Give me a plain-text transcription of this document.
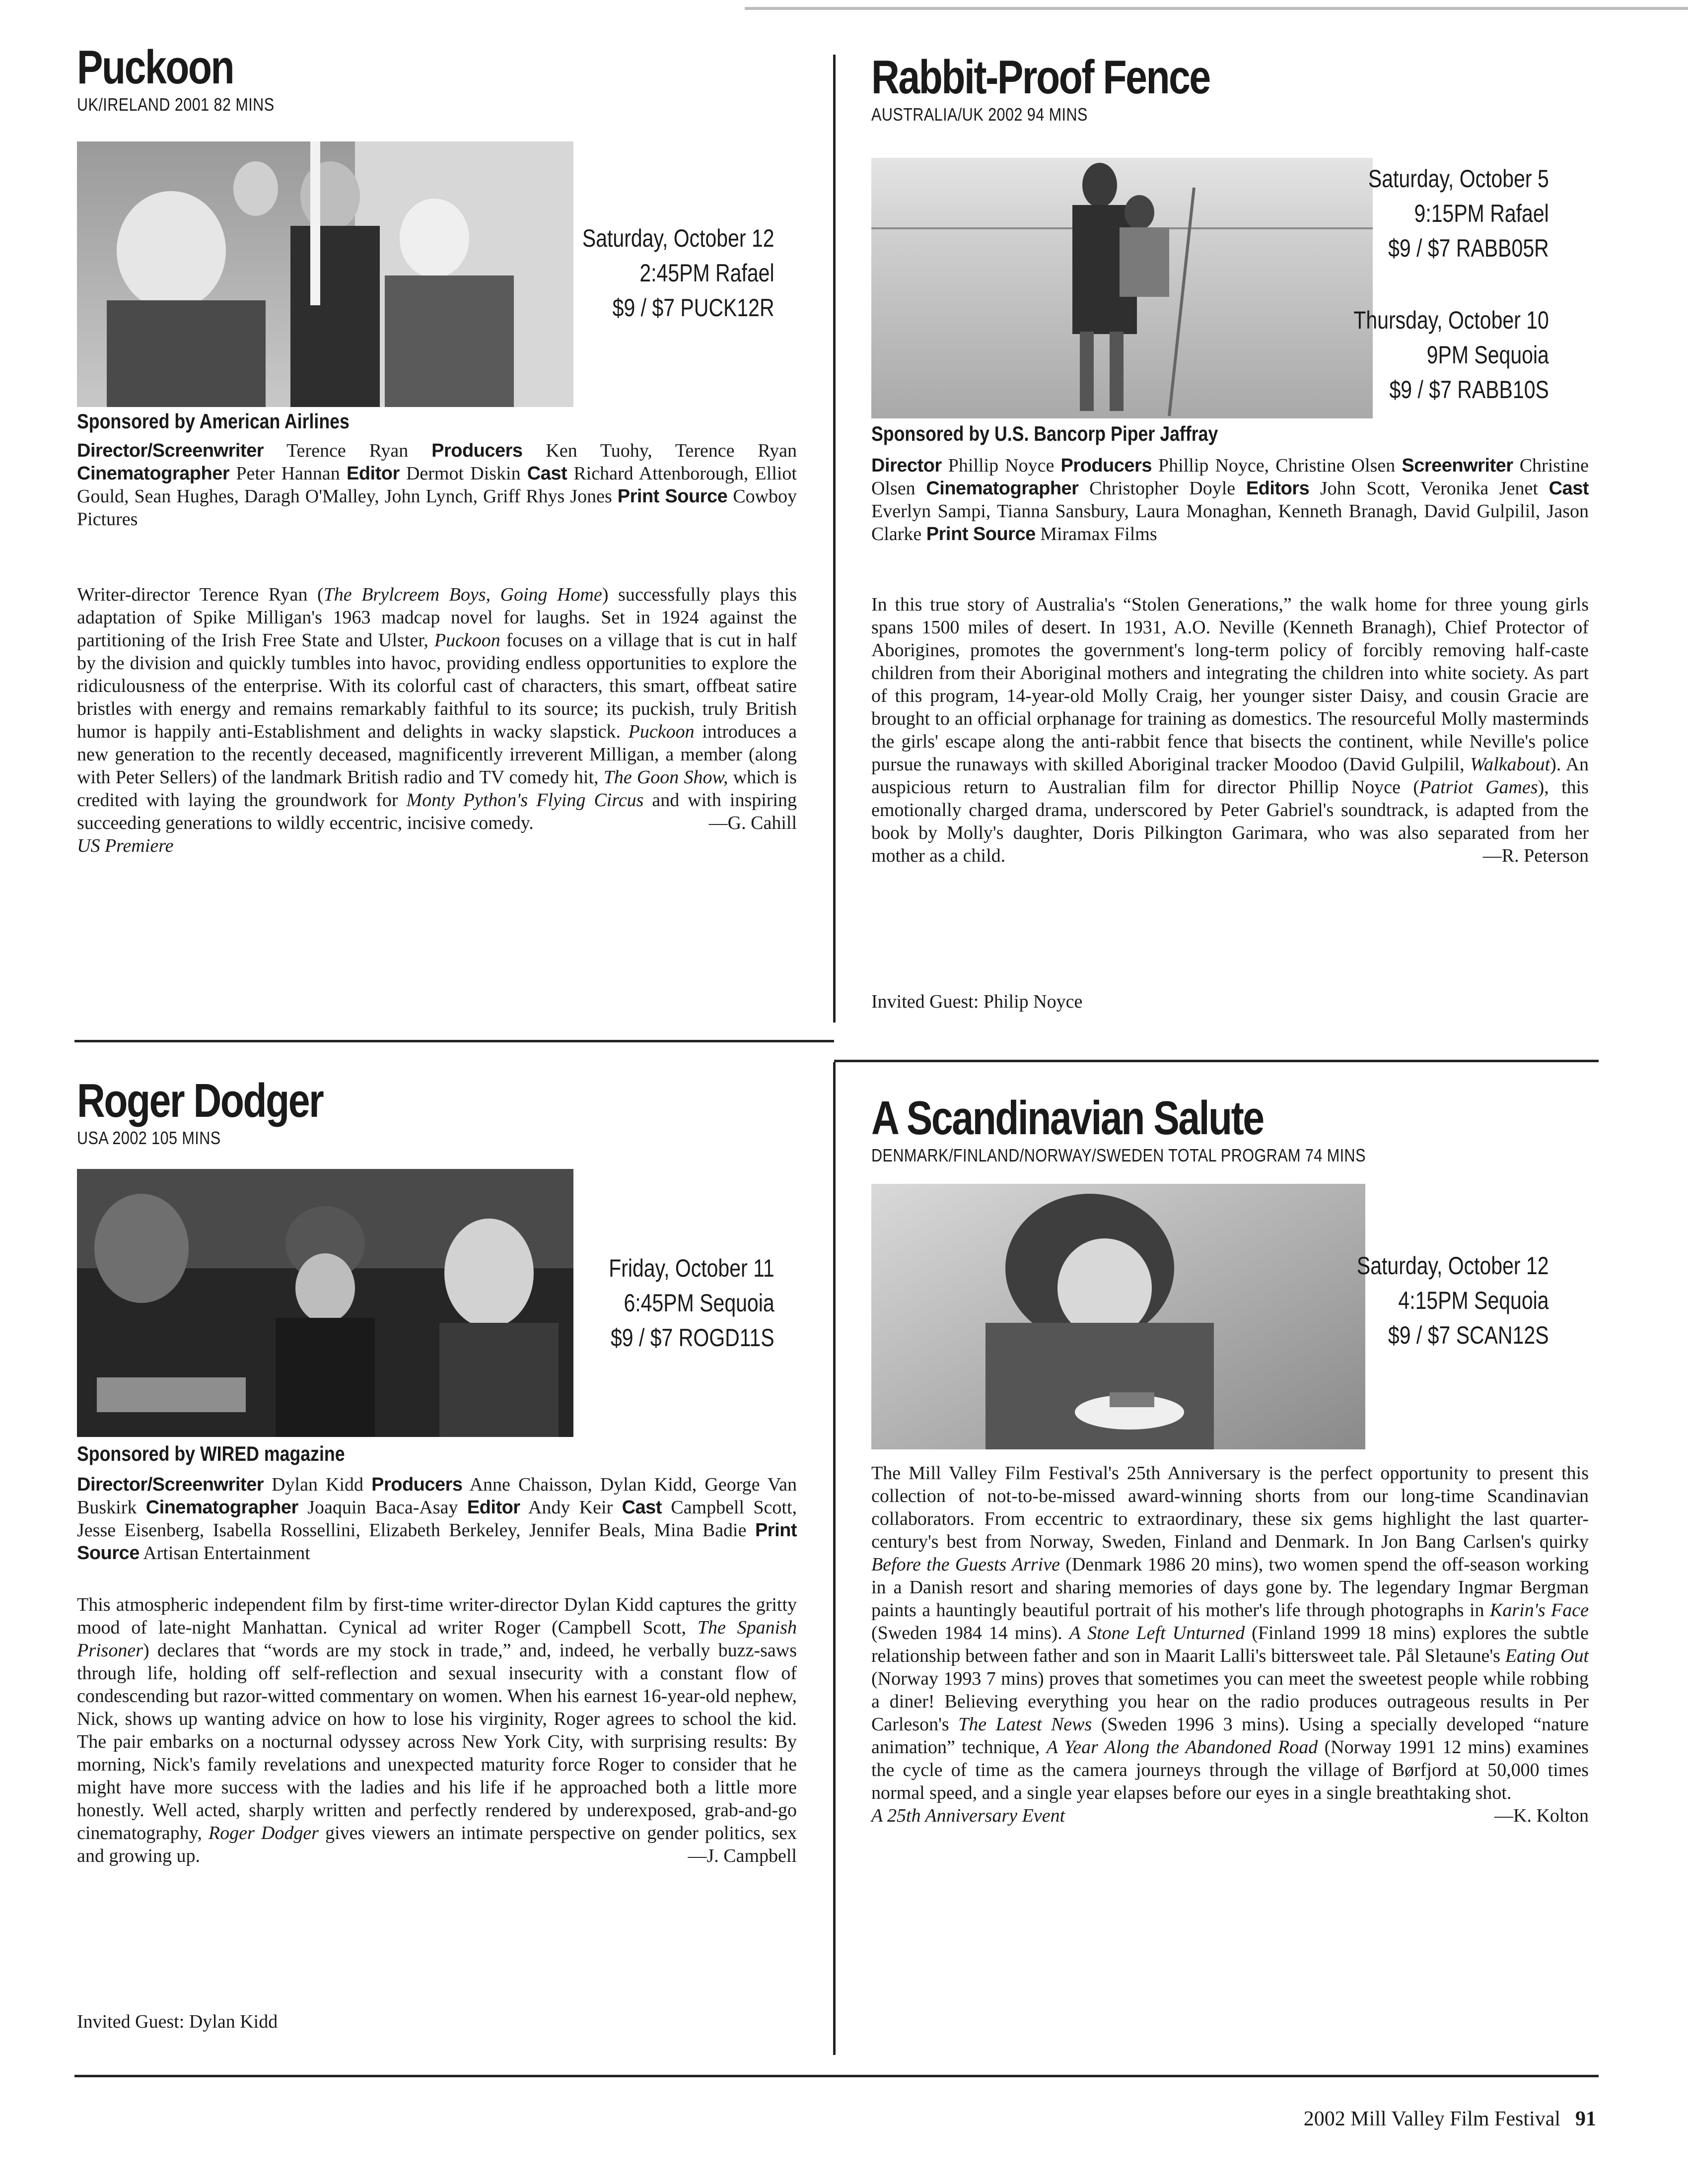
Puckoon
UK/IRELAND 2001 82 MINS
Saturday, October 12
2:45PM Rafael
$9 / $7 PUCK12R
Sponsored by American Airlines
Director/Screenwriter Terence Ryan Producers Ken Tuohy, Terence Ryan Cinematographer Peter Hannan Editor Dermot Diskin Cast Richard Attenborough, Elliot Gould, Sean Hughes, Daragh O'Malley, John Lynch, Griff Rhys Jones Print Source Cowboy Pictures

Writer-director Terence Ryan (The Brylcreem Boys, Going Home) successfully plays this adaptation of Spike Milligan's 1963 madcap novel for laughs. Set in 1924 against the partitioning of the Irish Free State and Ulster, Puckoon focuses on a village that is cut in half by the division and quickly tumbles into havoc, providing endless opportunities to explore the ridiculousness of the enterprise. With its colorful cast of characters, this smart, offbeat satire bristles with energy and remains remarkably faithful to its source; its puckish, truly British humor is happily anti-Establishment and delights in wacky slapstick. Puckoon introduces a new generation to the recently deceased, magnificently irreverent Milligan, a member (along with Peter Sellers) of the landmark British radio and TV comedy hit, The Goon Show, which is credited with laying the groundwork for Monty Python's Flying Circus and with inspiring succeeding generations to wildly eccentric, incisive comedy.	—G. Cahill

US Premiere
Rabbit-Proof Fence
AUSTRALIA/UK 2002 94 MINS
Saturday, October 5
9:15PM Rafael
$9 / $7 RABB05R
Thursday, October 10
9PM Sequoia
$9 / $7 RABB10S
Sponsored by U.S. Bancorp Piper Jaffray
Director Phillip Noyce Producers Phillip Noyce, Christine Olsen Screenwriter Christine Olsen Cinematographer Christopher Doyle Editors John Scott, Veronika Jenet Cast Everlyn Sampi, Tianna Sansbury, Laura Monaghan, Kenneth Branagh, David Gulpilil, Jason Clarke Print Source Miramax Films

In this true story of Australia's “Stolen Generations,” the walk home for three young girls spans 1500 miles of desert. In 1931, A.O. Neville (Kenneth Branagh), Chief Protector of Aborigines, promotes the government's long-term policy of forcibly removing half-caste children from their Aboriginal mothers and integrating the children into white society. As part of this program, 14-year-old Molly Craig, her younger sister Daisy, and cousin Gracie are brought to an official orphanage for training as domestics. The resourceful Molly masterminds the girls' escape along the anti-rabbit fence that bisects the continent, while Neville's police pursue the runaways with skilled Aboriginal tracker Moodoo (David Gulpilil, Walkabout). An auspicious return to Australian film for director Phillip Noyce (Patriot Games), this emotionally charged drama, underscored by Peter Gabriel's soundtrack, is adapted from the book by Molly's daughter, Doris Pilkington Garimara, who was also separated from her mother as a child.	—R. Peterson

Invited Guest: Philip Noyce
Roger Dodger
USA 2002 105 MINS
Friday, October 11
6:45PM Sequoia
$9 / $7 ROGD11S
Sponsored by WIRED magazine
Director/Screenwriter Dylan Kidd Producers Anne Chaisson, Dylan Kidd, George Van Buskirk Cinematographer Joaquin Baca-Asay Editor Andy Keir Cast Campbell Scott, Jesse Eisenberg, Isabella Rossellini, Elizabeth Berkeley, Jennifer Beals, Mina Badie Print Source Artisan Entertainment

This atmospheric independent film by first-time writer-director Dylan Kidd captures the gritty mood of late-night Manhattan. Cynical ad writer Roger (Campbell Scott, The Spanish Prisoner) declares that “words are my stock in trade,” and, indeed, he verbally buzz-saws through life, holding off self-reflection and sexual insecurity with a constant flow of condescending but razor-witted commentary on women. When his earnest 16-year-old nephew, Nick, shows up wanting advice on how to lose his virginity, Roger agrees to school the kid. The pair embarks on a nocturnal odyssey across New York City, with surprising results: By morning, Nick's family revelations and unexpected maturity force Roger to consider that he might have more success with the ladies and his life if he approached both a little more honestly. Well acted, sharply written and perfectly rendered by underexposed, grab-and-go cinematography, Roger Dodger gives viewers an intimate perspective on gender politics, sex and growing up.	—J. Campbell

Invited Guest: Dylan Kidd
A Scandinavian Salute
DENMARK/FINLAND/NORWAY/SWEDEN TOTAL PROGRAM 74 MINS
Saturday, October 12
4:15PM Sequoia
$9 / $7 SCAN12S

The Mill Valley Film Festival's 25th Anniversary is the perfect opportunity to present this collection of not-to-be-missed award-winning shorts from our long-time Scandinavian collaborators. From eccentric to extraordinary, these six gems highlight the last quarter-century's best from Norway, Sweden, Finland and Denmark. In Jon Bang Carlsen's quirky Before the Guests Arrive (Denmark 1986 20 mins), two women spend the off-season working in a Danish resort and sharing memories of days gone by. The legendary Ingmar Bergman paints a hauntingly beautiful portrait of his mother's life through photographs in Karin's Face (Sweden 1984 14 mins). A Stone Left Unturned (Finland 1999 18 mins) explores the subtle relationship between father and son in Maarit Lalli's bittersweet tale. Pål Sletaune's Eating Out (Norway 1993 7 mins) proves that sometimes you can meet the sweetest people while robbing a diner! Believing everything you hear on the radio produces outrageous results in Per Carleson's The Latest News (Sweden 1996 3 mins). Using a specially developed “nature animation” technique, A Year Along the Abandoned Road (Norway 1991 12 mins) examines the cycle of time as the camera journeys through the village of Børfjord at 50,000 times normal speed, and a single year elapses before our eyes in a single breathtaking shot.
—K. Kolton

A 25th Anniversary Event
2002 Mill Valley Film Festival 91
